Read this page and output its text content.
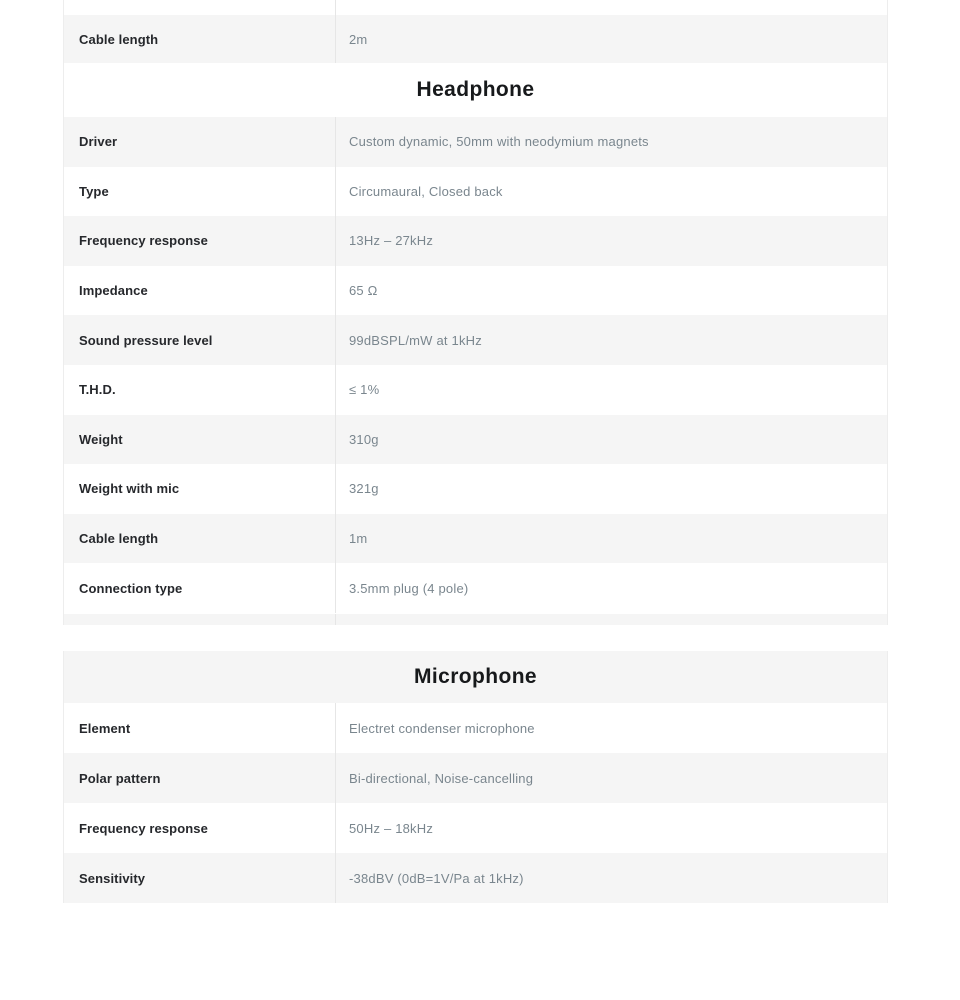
Cable length	2m
Headphone
Driver	Custom dynamic, 50mm with neodymium magnets
Type	Circumaural, Closed back
Frequency response	13Hz – 27kHz
Impedance	65 Ω
Sound pressure level	99dBSPL/mW at 1kHz
T.H.D.	≤ 1%
Weight	310g
Weight with mic	321g
Cable length	1m
Connection type	3.5mm plug (4 pole)
Microphone
Element	Electret condenser microphone
Polar pattern	Bi-directional, Noise-cancelling
Frequency response	50Hz – 18kHz
Sensitivity	-38dBV (0dB=1V/Pa at 1kHz)
